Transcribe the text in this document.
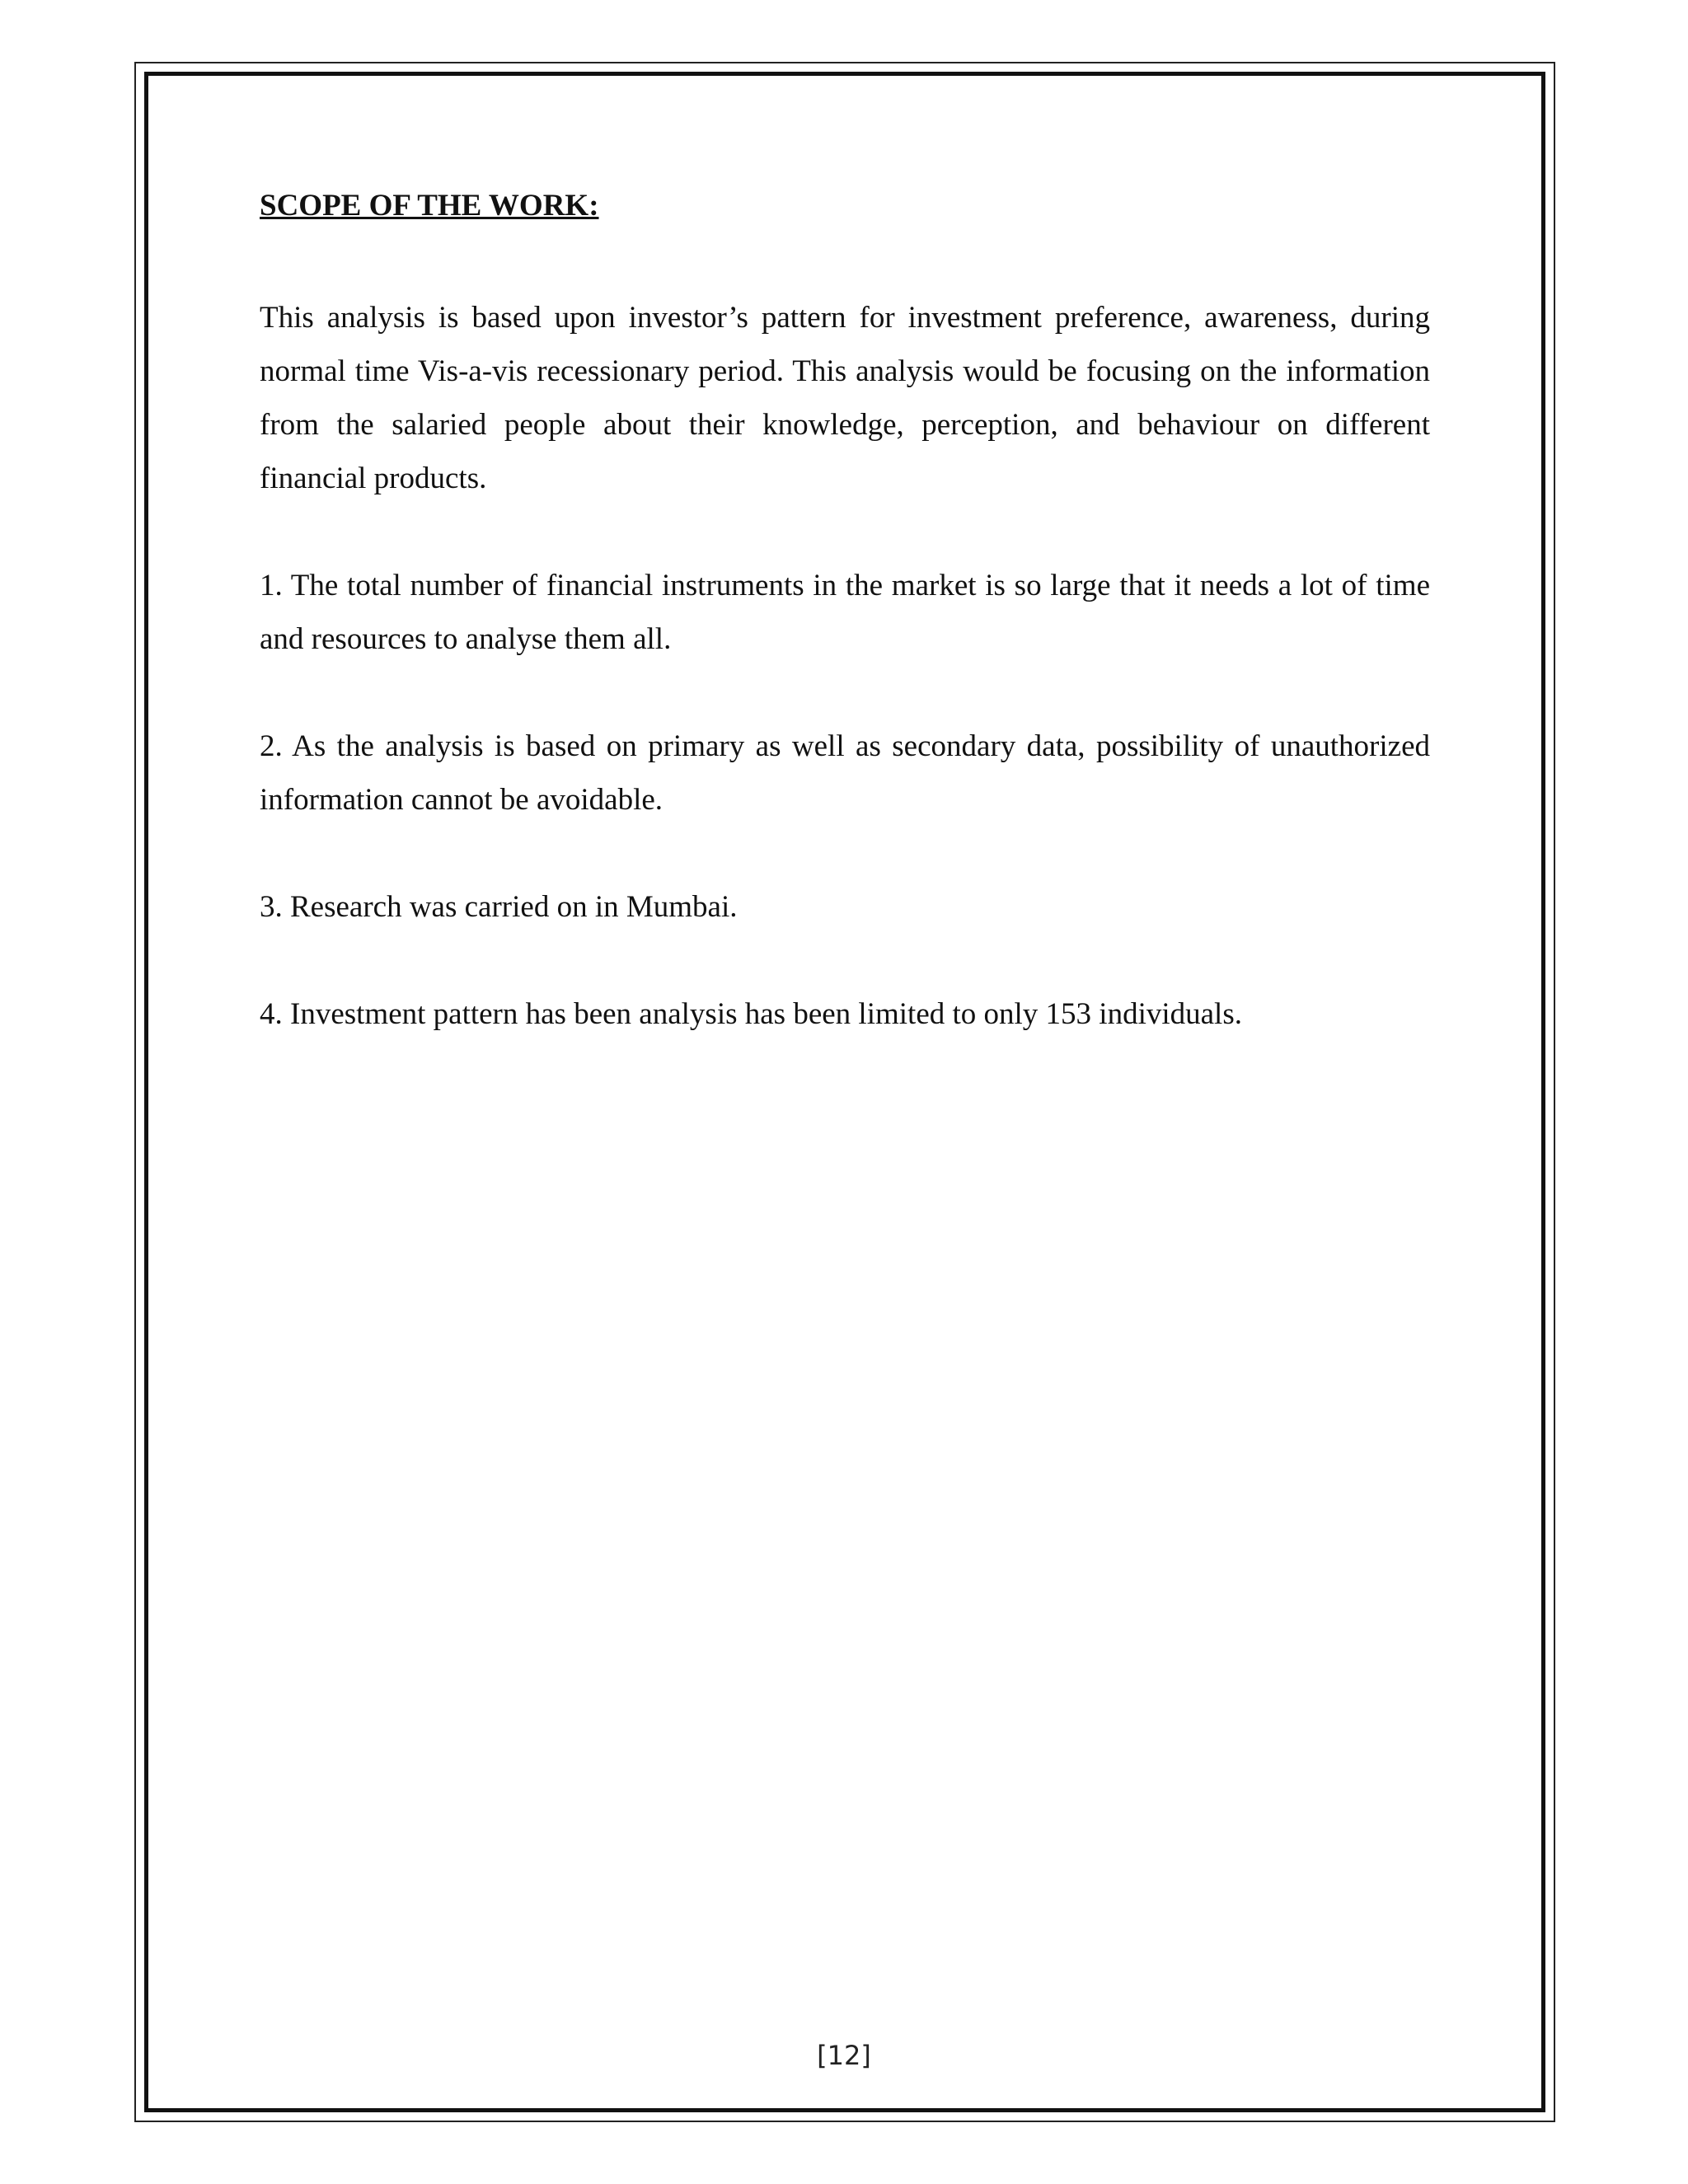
SCOPE OF THE WORK:

This analysis is based upon investor’s pattern for investment preference, awareness, during normal time Vis-a-vis recessionary period. This analysis would be focusing on the information from the salaried people about their knowledge, perception, and behaviour on different financial products.

1. The total number of financial instruments in the market is so large that it needs a lot of time and resources to analyse them all.

2. As the analysis is based on primary as well as secondary data, possibility of unauthorized information cannot be avoidable.

3. Research was carried on in Mumbai.

4. Investment pattern has been analysis has been limited to only 153 individuals.

[12]
